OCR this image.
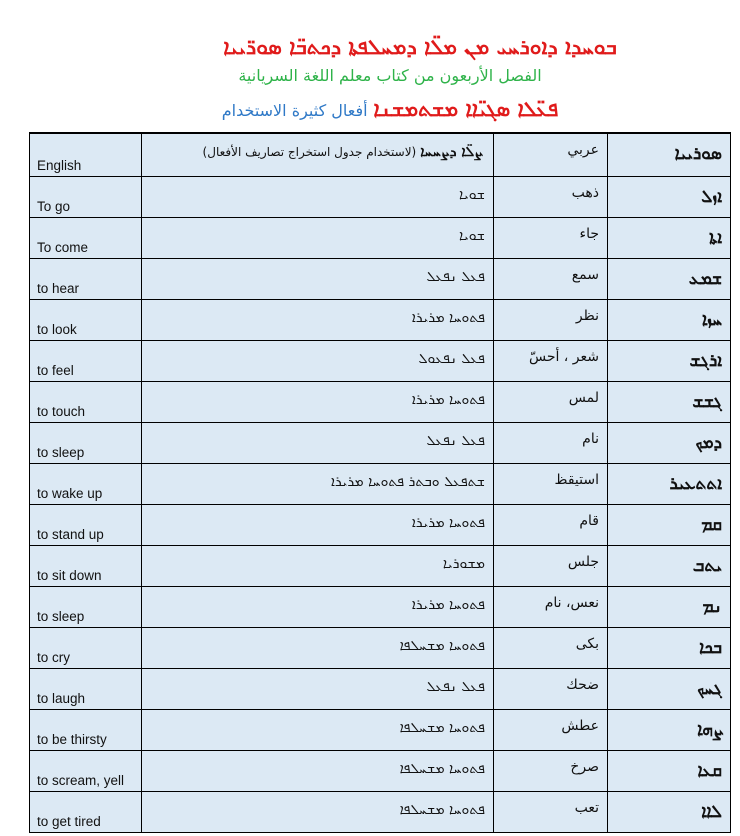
ܒܘܚܕܐ ܕܐܘܪܚܝ ܡܢ ܡܠ̈ܐ ܕܡܚܠܦܬܐ ܕܟܬܒ̈ܐ ܣܘܪ̈ܝܝܐ
الفصل الأربعون من كتاب معلم اللغة السريانية
ܦܥ̈ܠܐ ܣܓܝ̈ܐܐ ܡܫܬܡܫܢܐ أفعال كثيرة الاستخدام
English	ܨܠ̈ܐ ܕܨܚܚܐ (لاستخدام جدول استخراج تصاريف الأفعال)	عربي	ܣܘܪܝܝܐ

To go	ܫܘܝܐ	ذهب	ܐܙܠ

To come	ܫܘܝܐ	جاء	ܐܬܐ

to hear	ܦܥܠ ܢܦܥܠ	سمع	ܫܡܥ

to look	ܦܬܘܚܐ ܡܪܝܪܐ	نظر	ܚܙܐ

to feel	ܦܥܠ ܢܦܥܘܠ	شعر ، أحسّ	ܐܪܓܫ

to touch	ܦܬܘܚܐ ܡܪܝܪܐ	لمس	ܓܫܫ

to sleep	ܦܥܠ ܢܦܥܠ	نام	ܕܡܟ

to wake up	ܫܬܦܥܠ ܘܒܬܪ ܦܬܘܚܐ ܡܪܝܪܐ	استيقظ	ܐܬܬܥܝܪ

to stand up	ܦܬܘܚܐ ܡܪܝܪܐ	قام	ܩܡ

to sit down	ܡܫܘܪܝܐ	جلس	ܝܬܒ

to sleep	ܦܬܘܚܐ ܡܪܝܪܐ	نعس، نام	ܢܡ

to cry	ܦܬܘܚܐ ܡܫܚܠܦܐ	بكى	ܒܟܐ

to laugh	ܦܥܠ ܢܦܥܠ	ضحك	ܓܚܟ

to be thirsty	ܦܬܘܚܐ ܡܫܚܠܦܐ	عطش	ܨܗܐ

to scream, yell	ܦܬܘܚܐ ܡܫܚܠܦܐ	صرخ	ܩܥܐ

to get tired	ܦܬܘܚܐ ܡܫܚܠܦܐ	تعب	ܠܐܐ
